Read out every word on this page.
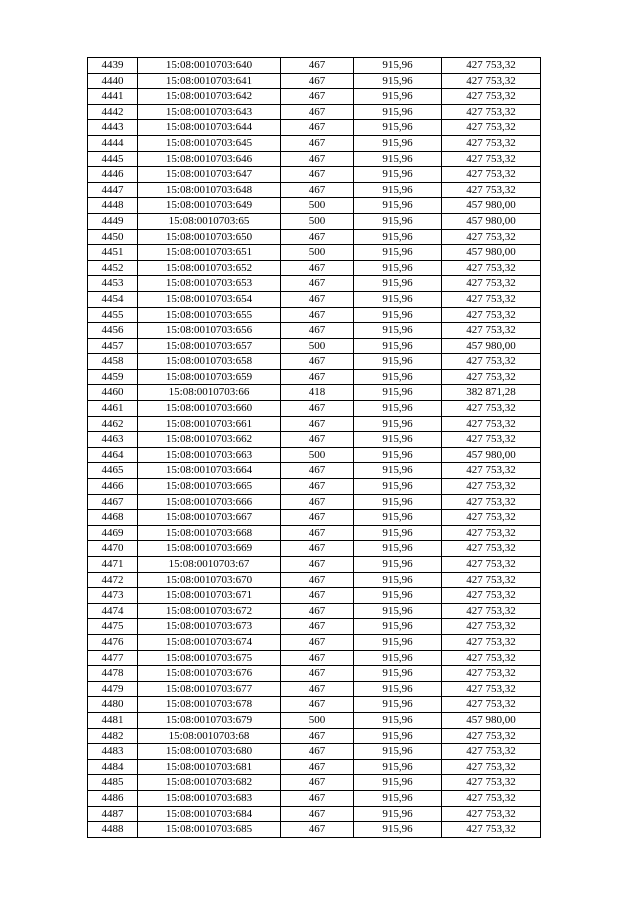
4439	15:08:0010703:640	467	915,96	427 753,32
4440	15:08:0010703:641	467	915,96	427 753,32
4441	15:08:0010703:642	467	915,96	427 753,32
4442	15:08:0010703:643	467	915,96	427 753,32
4443	15:08:0010703:644	467	915,96	427 753,32
4444	15:08:0010703:645	467	915,96	427 753,32
4445	15:08:0010703:646	467	915,96	427 753,32
4446	15:08:0010703:647	467	915,96	427 753,32
4447	15:08:0010703:648	467	915,96	427 753,32
4448	15:08:0010703:649	500	915,96	457 980,00
4449	15:08:0010703:65	500	915,96	457 980,00
4450	15:08:0010703:650	467	915,96	427 753,32
4451	15:08:0010703:651	500	915,96	457 980,00
4452	15:08:0010703:652	467	915,96	427 753,32
4453	15:08:0010703:653	467	915,96	427 753,32
4454	15:08:0010703:654	467	915,96	427 753,32
4455	15:08:0010703:655	467	915,96	427 753,32
4456	15:08:0010703:656	467	915,96	427 753,32
4457	15:08:0010703:657	500	915,96	457 980,00
4458	15:08:0010703:658	467	915,96	427 753,32
4459	15:08:0010703:659	467	915,96	427 753,32
4460	15:08:0010703:66	418	915,96	382 871,28
4461	15:08:0010703:660	467	915,96	427 753,32
4462	15:08:0010703:661	467	915,96	427 753,32
4463	15:08:0010703:662	467	915,96	427 753,32
4464	15:08:0010703:663	500	915,96	457 980,00
4465	15:08:0010703:664	467	915,96	427 753,32
4466	15:08:0010703:665	467	915,96	427 753,32
4467	15:08:0010703:666	467	915,96	427 753,32
4468	15:08:0010703:667	467	915,96	427 753,32
4469	15:08:0010703:668	467	915,96	427 753,32
4470	15:08:0010703:669	467	915,96	427 753,32
4471	15:08:0010703:67	467	915,96	427 753,32
4472	15:08:0010703:670	467	915,96	427 753,32
4473	15:08:0010703:671	467	915,96	427 753,32
4474	15:08:0010703:672	467	915,96	427 753,32
4475	15:08:0010703:673	467	915,96	427 753,32
4476	15:08:0010703:674	467	915,96	427 753,32
4477	15:08:0010703:675	467	915,96	427 753,32
4478	15:08:0010703:676	467	915,96	427 753,32
4479	15:08:0010703:677	467	915,96	427 753,32
4480	15:08:0010703:678	467	915,96	427 753,32
4481	15:08:0010703:679	500	915,96	457 980,00
4482	15:08:0010703:68	467	915,96	427 753,32
4483	15:08:0010703:680	467	915,96	427 753,32
4484	15:08:0010703:681	467	915,96	427 753,32
4485	15:08:0010703:682	467	915,96	427 753,32
4486	15:08:0010703:683	467	915,96	427 753,32
4487	15:08:0010703:684	467	915,96	427 753,32
4488	15:08:0010703:685	467	915,96	427 753,32
